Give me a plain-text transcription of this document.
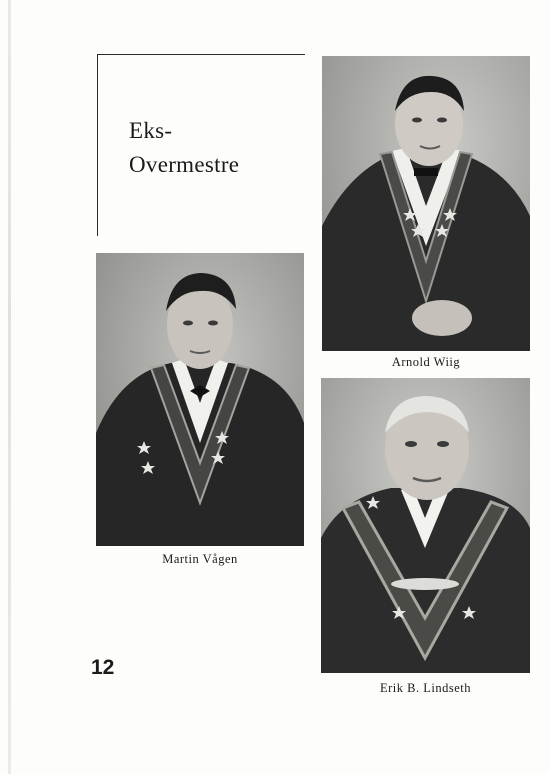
Eks-
Overmestre
Arnold Wiig
Martin Vågen
Erik B. Lindseth
12
